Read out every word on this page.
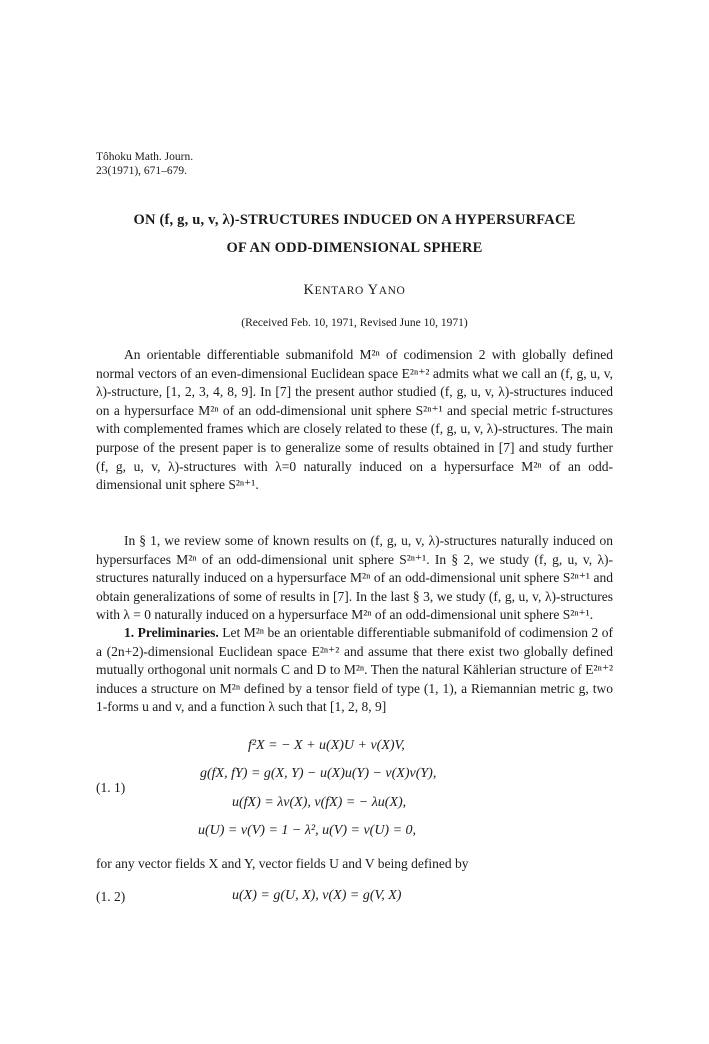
Tôhoku Math. Journ.
23(1971), 671–679.
ON (f, g, u, v, λ)-STRUCTURES INDUCED ON A HYPERSURFACE
OF AN ODD-DIMENSIONAL SPHERE
KENTARO YANO
(Received Feb. 10, 1971, Revised June 10, 1971)

An orientable differentiable submanifold M²ⁿ of codimension 2 with globally defined normal vectors of an even-dimensional Euclidean space E²ⁿ⁺² admits what we call an (f, g, u, v, λ)-structure, [1, 2, 3, 4, 8, 9]. In [7] the present author studied (f, g, u, v, λ)-structures induced on a hypersurface M²ⁿ of an odd-dimensional unit sphere S²ⁿ⁺¹ and special metric f-structures with complemented frames which are closely related to these (f, g, u, v, λ)-structures. The main purpose of the present paper is to generalize some of results obtained in [7] and study further (f, g, u, v, λ)-structures with λ=0 naturally induced on a hypersurface M²ⁿ of an odd-dimensional unit sphere S²ⁿ⁺¹.

In § 1, we review some of known results on (f, g, u, v, λ)-structures naturally induced on hypersurfaces M²ⁿ of an odd-dimensional unit sphere S²ⁿ⁺¹. In § 2, we study (f, g, u, v, λ)-structures naturally induced on a hypersurface M²ⁿ of an odd-dimensional unit sphere S²ⁿ⁺¹ and obtain generalizations of some of results in [7]. In the last § 3, we study (f, g, u, v, λ)-structures with λ = 0 naturally induced on a hypersurface M²ⁿ of an odd-dimensional unit sphere S²ⁿ⁺¹.

1. Preliminaries. Let M²ⁿ be an orientable differentiable submanifold of codimension 2 of a (2n+2)-dimensional Euclidean space E²ⁿ⁺² and assume that there exist two globally defined mutually orthogonal unit normals C and D to M²ⁿ. Then the natural Kählerian structure of E²ⁿ⁺² induces a structure on M²ⁿ defined by a tensor field of type (1, 1), a Riemannian metric g, two 1-forms u and v, and a function λ such that [1, 2, 8, 9]

(1. 1)
f²X = − X + u(X)U + v(X)V,
g(fX, fY) = g(X, Y) − u(X)u(Y) − v(X)v(Y),
u(fX) = λv(X), v(fX) = − λu(X),
u(U) = v(V) = 1 − λ², u(V) = v(U) = 0,
for any vector fields X and Y, vector fields U and V being defined by
(1. 2)	u(X) = g(U, X), v(X) = g(V, X)
